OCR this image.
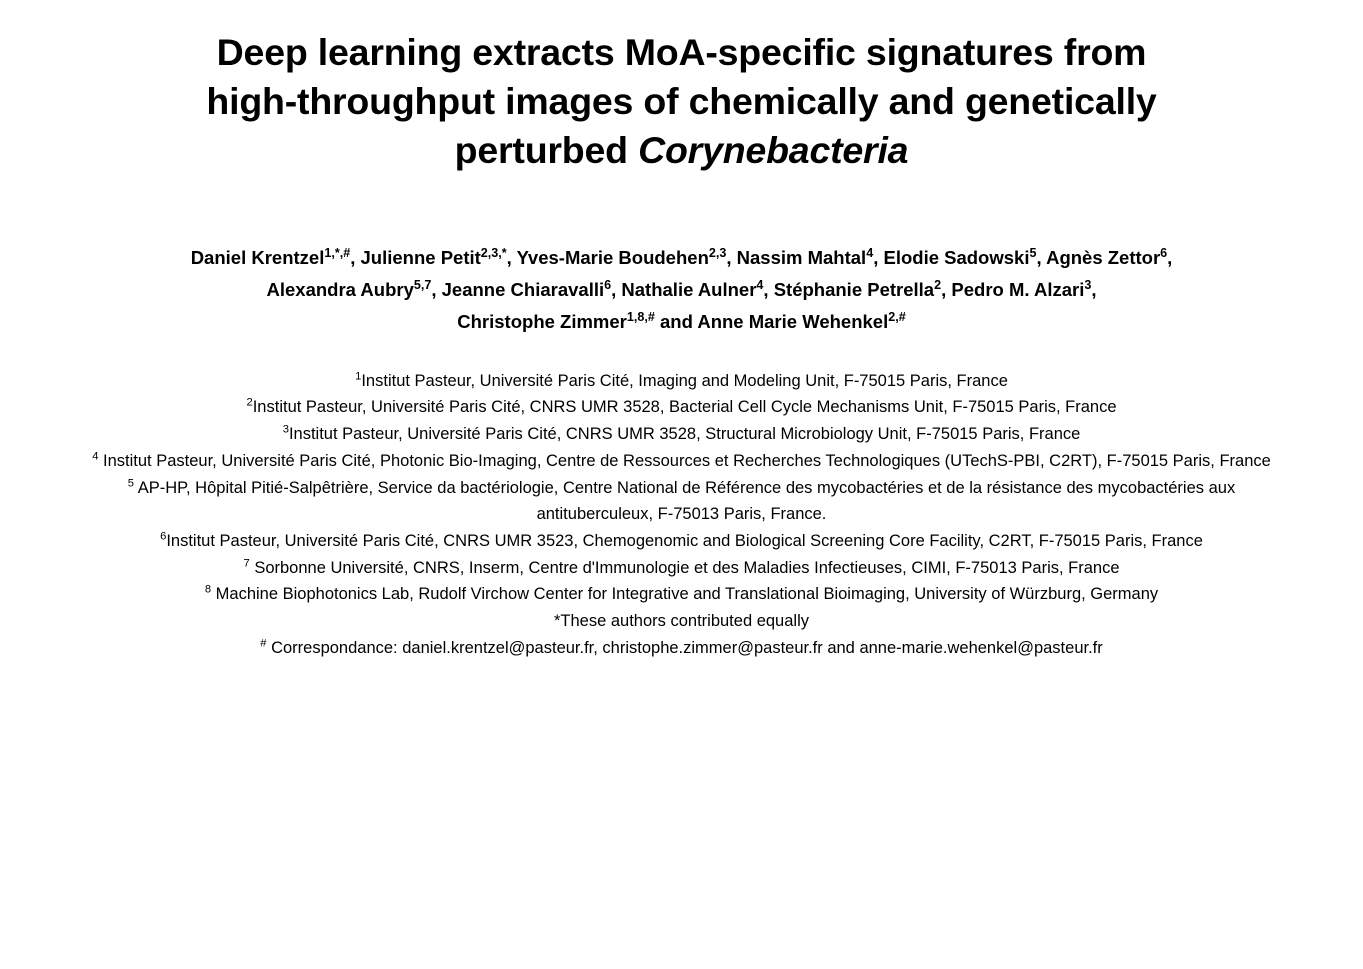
Deep learning extracts MoA-specific signatures from
high-throughput images of chemically and genetically
perturbed Corynebacteria
Daniel Krentzel$^{1,*,\#}$, Julienne Petit$^{2,3,*}$, Yves-Marie Boudehen$^{2,3}$, Nassim Mahtal$^4$, Elodie Sadowski$^5$, Agnès Zettor$^6$,
Alexandra Aubry$^{5,7}$, Jeanne Chiaravalli$^6$, Nathalie Aulner$^4$, Stéphanie Petrella$^2$, Pedro M. Alzari$^3$,
Christophe Zimmer$^{1,8,\#}$ and Anne Marie Wehenkel$^{2,\#}$

$^1$Institut Pasteur, Université Paris Cité, Imaging and Modeling Unit, F-75015 Paris, France

$^2$Institut Pasteur, Université Paris Cité, CNRS UMR 3528, Bacterial Cell Cycle Mechanisms Unit, F-75015 Paris, France

$^3$Institut Pasteur, Université Paris Cité, CNRS UMR 3528, Structural Microbiology Unit, F-75015 Paris, France

$^4$ Institut Pasteur, Université Paris Cité, Photonic Bio-Imaging, Centre de Ressources et Recherches Technologiques (UTechS-PBI, C2RT), F-75015 Paris, France

$^5$ AP-HP, Hôpital Pitié-Salpêtrière, Service da bactériologie, Centre National de Référence des mycobactéries et de la résistance des mycobactéries aux antituberculeux, F-75013 Paris, France.

$^6$Institut Pasteur, Université Paris Cité, CNRS UMR 3523, Chemogenomic and Biological Screening Core Facility, C2RT, F-75015 Paris, France

$^7$ Sorbonne Université, CNRS, Inserm, Centre d'Immunologie et des Maladies Infectieuses, CIMI, F-75013 Paris, France

$^8$ Machine Biophotonics Lab, Rudolf Virchow Center for Integrative and Translational Bioimaging, University of Würzburg, Germany

*These authors contributed equally

# Correspondance: daniel.krentzel@pasteur.fr, christophe.zimmer@pasteur.fr and anne-marie.wehenkel@pasteur.fr
